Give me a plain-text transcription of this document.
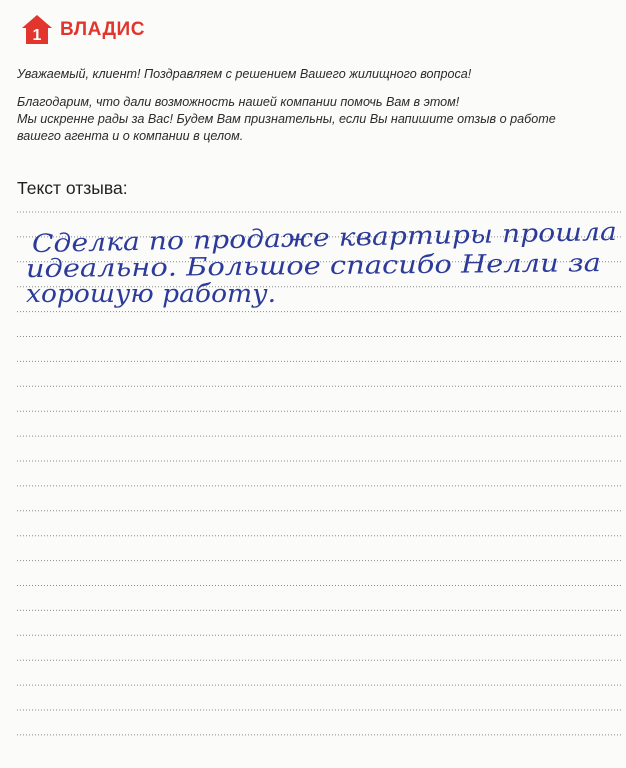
1 ВЛАДИС

Уважаемый, клиент! Поздравляем с решением Вашего жилищного вопроса!

Благодарим, что дали возможность нашей компании помочь Вам в этом!

Мы искренне рады за Вас! Будем Вам признательны, если Вы напишите отзыв о работе

вашего агента и о компании в целом.

Текст отзыва:
Сделка по продаже квартиры прошла
идеально. Большое спасибо Нелли за
хорошую работу.
